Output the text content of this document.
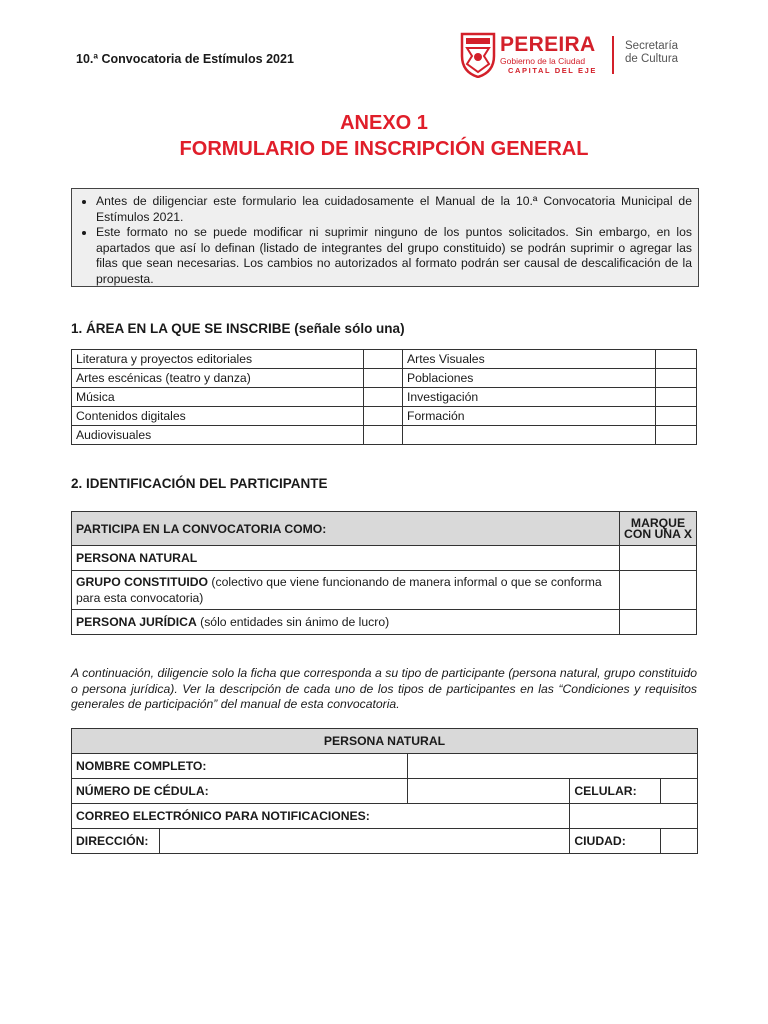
10.ª Convocatoria de Estímulos 2021
PEREIRA
Gobierno de la Ciudad
CAPITAL DEL EJE
Secretaría
de Cultura
ANEXO 1
FORMULARIO DE INSCRIPCIÓN GENERAL
• Antes de diligenciar este formulario lea cuidadosamente el Manual de la 10.ª Convocatoria Municipal de Estímulos 2021.
• Este formato no se puede modificar ni suprimir ninguno de los puntos solicitados. Sin embargo, en los apartados que así lo definan (listado de integrantes del grupo constituido) se podrán suprimir o agregar las filas que sean necesarias. Los cambios no autorizados al formato podrán ser causal de descalificación de la propuesta.
1. ÁREA EN LA QUE SE INSCRIBE (señale sólo una)
Literatura y proyectos editoriales		Artes Visuales	
Artes escénicas (teatro y danza)		Poblaciones	
Música		Investigación	
Contenidos digitales		Formación	
Audiovisuales			
2. IDENTIFICACIÓN DEL PARTICIPANTE
PARTICIPA EN LA CONVOCATORIA COMO:	MARQUE
CON UNA X

PERSONA NATURAL	
GRUPO CONSTITUIDO (colectivo que viene funcionando de manera informal o que se conforma para esta convocatoria)	
PERSONA JURÍDICA (sólo entidades sin ánimo de lucro)	
A continuación, diligencie solo la ficha que corresponda a su tipo de participante (persona natural, grupo constituido o persona jurídica). Ver la descripción de cada uno de los tipos de participantes en las “Condiciones y requisitos generales de participación” del manual de esta convocatoria.
PERSONA NATURAL				
NOMBRE COMPLETO:				
NÚMERO DE CÉDULA:			CELULAR:	
CORREO ELECTRÓNICO PARA NOTIFICACIONES:				
DIRECCIÓN:			CIUDAD:	
